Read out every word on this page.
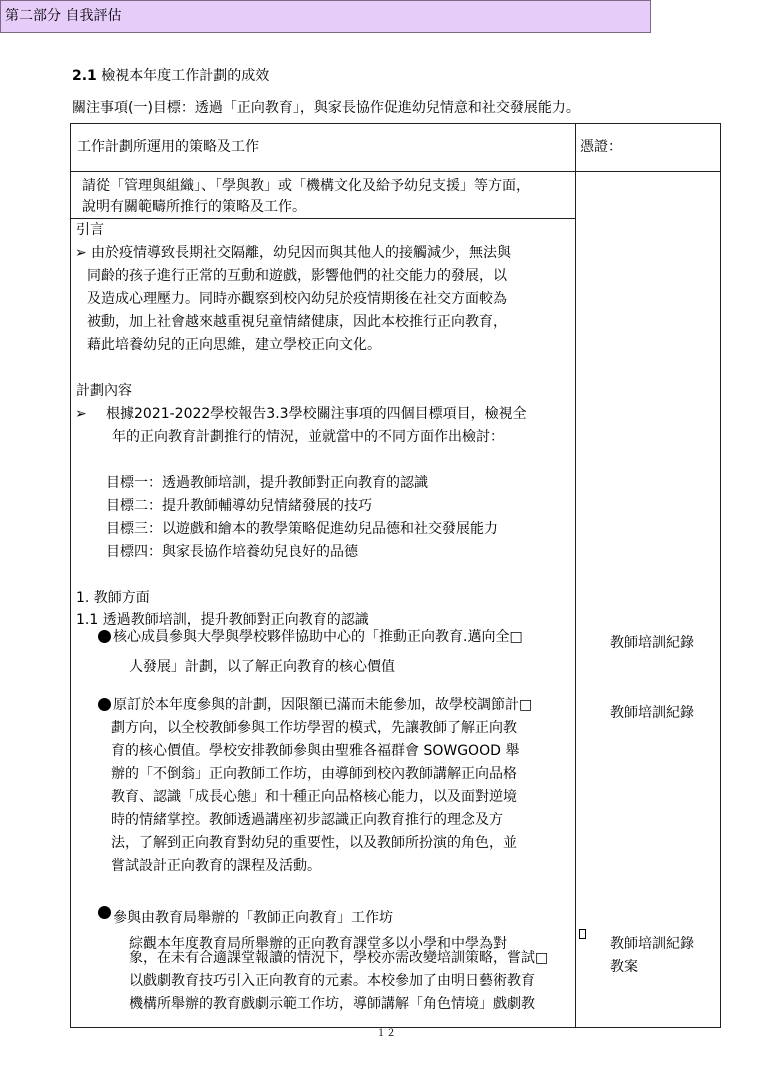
第二部分 自我評估
2.1 檢視本年度工作計劃的成效
關注事項(一)目標：透過「正向教育」，與家長協作促進幼兒情意和社交發展能力。
工作計劃所運用的策略及工作	憑證：
請從「管理與組織」、「學與教」或「機構文化及給予幼兒支援」等方面，
說明有關範疇所推行的策略及工作。
引言
➢ 由於疫情導致長期社交隔離，幼兒因而與其他人的接觸減少，無法與
同齡的孩子進行正常的互動和遊戲，影響他們的社交能力的發展，以
及造成心理壓力。同時亦觀察到校內幼兒於疫情期後在社交方面較為
被動，加上社會越來越重視兒童情緒健康，因此本校推行正向教育，
藉此培養幼兒的正向思維，建立學校正向文化。
計劃內容
➢ 根據2021-2022學校報告3.3學校關注事項的四個目標項目，檢視全
年的正向教育計劃推行的情況，並就當中的不同方面作出檢討：
目標一：透過教師培訓，提升教師對正向教育的認識
目標二：提升教師輔導幼兒情緒發展的技巧
目標三：以遊戲和繪本的教學策略促進幼兒品德和社交發展能力
目標四：與家長協作培養幼兒良好的品德
1. 教師方面
1.1 透過教師培訓，提升教師對正向教育的認識
核心成員參與大學與學校夥伴協助中心的「推動正向教育.邁向全□
人發展」計劃，以了解正向教育的核心價值
原訂於本年度參與的計劃，因限額已滿而未能參加，故學校調節計□
劃方向，以全校教師參與工作坊學習的模式，先讓教師了解正向教
育的核心價值。學校安排教師參與由聖雅各福群會 SOWGOOD 舉
辦的「不倒翁」正向教師工作坊，由導師到校內教師講解正向品格
教育、認識「成長心態」和十種正向品格核心能力，以及面對逆境
時的情緒掌控。教師透過講座初步認識正向教育推行的理念及方
法，了解到正向教育對幼兒的重要性，以及教師所扮演的角色，並
嘗試設計正向教育的課程及活動。
參與由教育局舉辦的「教師正向教育」工作坊
綜觀本年度教育局所舉辦的正向教育課堂多以小學和中學為對
象，在未有合適課堂報讀的情況下，學校亦需改變培訓策略，嘗試□
以戲劇教育技巧引入正向教育的元素。本校參加了由明日藝術教育
機構所舉辦的教育戲劇示範工作坊，導師講解「角色情境」戲劇教
教師培訓紀錄
教師培訓紀錄
教師培訓紀錄
教案
１２
